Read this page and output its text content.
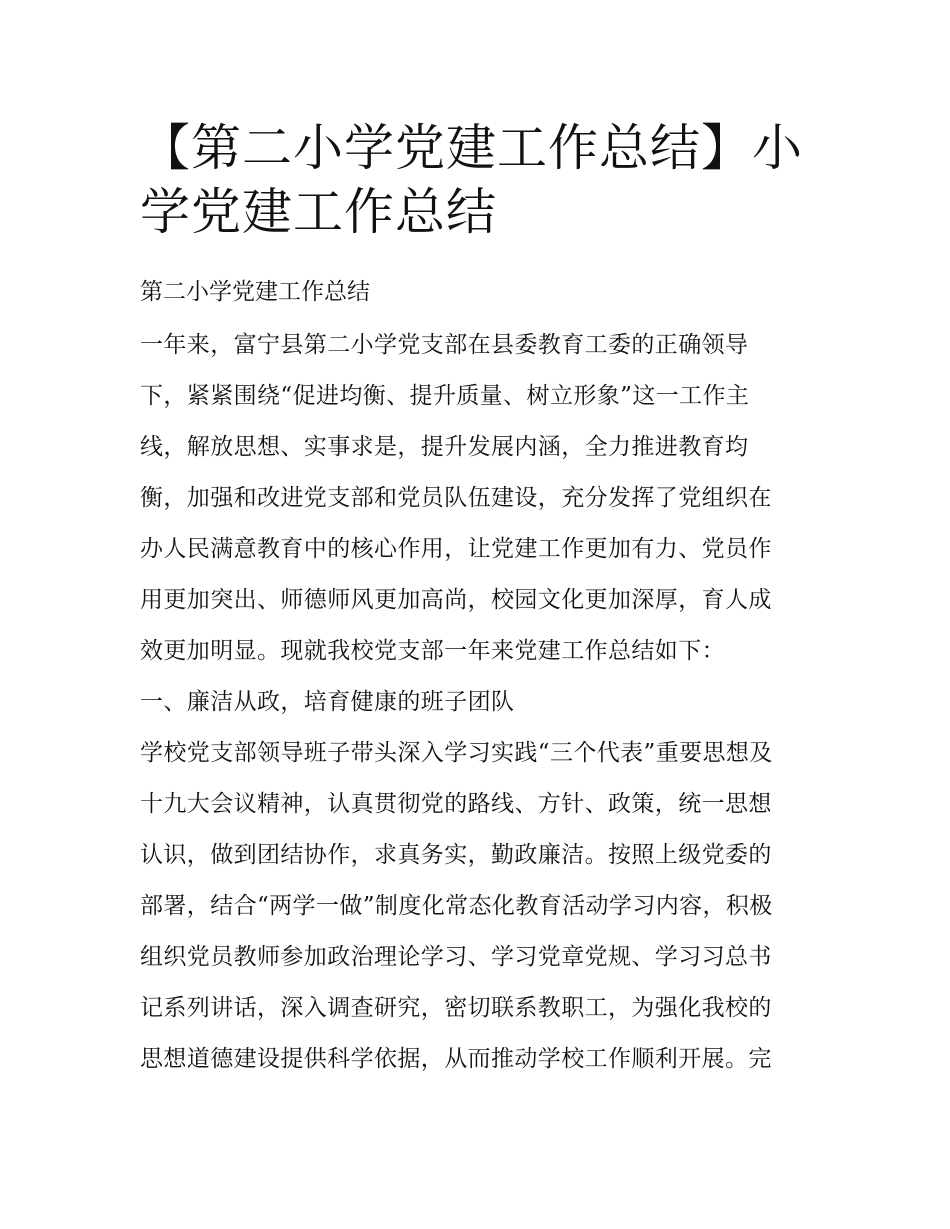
【第二小学党建工作总结】小
学党建工作总结

第二小学党建工作总结

一年来，富宁县第二小学党支部在县委教育工委的正确领导
下，紧紧围绕“促进均衡、提升质量、树立形象”这一工作主
线，解放思想、实事求是，提升发展内涵，全力推进教育均
衡，加强和改进党支部和党员队伍建设，充分发挥了党组织在
办人民满意教育中的核心作用，让党建工作更加有力、党员作
用更加突出、师德师风更加高尚，校园文化更加深厚，育人成
效更加明显。现就我校党支部一年来党建工作总结如下：
一、廉洁从政，培育健康的班子团队
学校党支部领导班子带头深入学习实践“三个代表”重要思想及
十九大会议精神，认真贯彻党的路线、方针、政策，统一思想
认识，做到团结协作，求真务实，勤政廉洁。按照上级党委的
部署，结合“两学一做”制度化常态化教育活动学习内容，积极
组织党员教师参加政治理论学习、学习党章党规、学习习总书
记系列讲话，深入调查研究，密切联系教职工，为强化我校的
思想道德建设提供科学依据，从而推动学校工作顺利开展。完
